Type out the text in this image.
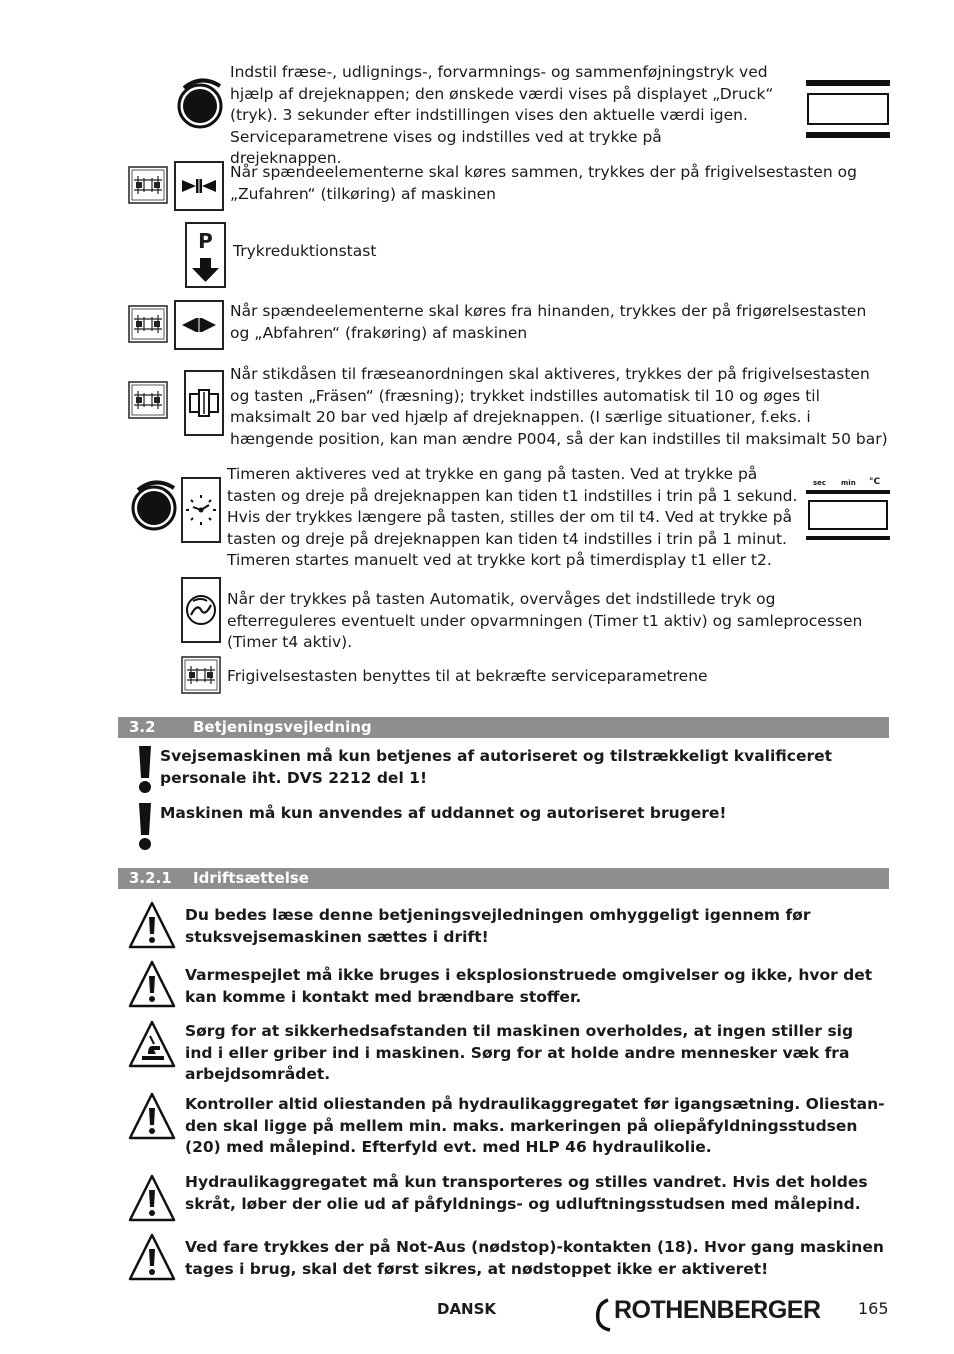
Indstil fræse-, udlignings-, forvarmnings- og sammenføjningstryk ved hjælp af drejeknappen; den ønskede værdi vises på displayet „Druck“ (tryk). 3 sekunder efter indstillingen vises den aktuelle værdi igen. Serviceparametrene vises og indstilles ved at trykke på drejeknappen.
Når spændeelementerne skal køres sammen, trykkes der på frigivelsestasten og „Zufahren“ (tilkøring) af maskinen
P	Trykreduktionstast
Når spændeelementerne skal køres fra hinanden, trykkes der på frigørelsestasten og „Abfahren“ (frakøring) af maskinen
Når stikdåsen til fræseanordningen skal aktiveres, trykkes der på frigivelsestasten og tasten „Fräsen“ (fræsning); trykket indstilles automatisk til 10 og øges til maksimalt 20 bar ved hjælp af drejeknappen. (I særlige situationer, f.eks. i hængende position, kan man ændre P004, så der kan indstilles til maksimalt 50 bar)
Timeren aktiveres ved at trykke en gang på tasten. Ved at trykke på tasten og dreje på drejeknappen kan tiden t1 indstilles i trin på 1 sekund. Hvis der trykkes længere på tasten, stilles der om til t4. Ved at trykke på tasten og dreje på drejeknappen kan tiden t4 indstilles i trin på 1 minut. Timeren startes manuelt ved at trykke kort på timerdisplay t1 eller t2.
sec min °C
Når der trykkes på tasten Automatik, overvåges det indstillede tryk og efterreguleres eventuelt under opvarmningen (Timer t1 aktiv) og samleprocessen (Timer t4 aktiv).
Frigivelsestasten benyttes til at bekræfte serviceparametrene
3.2 Betjeningsvejledning
Svejsemaskinen må kun betjenes af autoriseret og tilstrækkeligt kvalificeret personale iht. DVS 2212 del 1!
Maskinen må kun anvendes af uddannet og autoriseret brugere!
3.2.1 Idriftsættelse
Du bedes læse denne betjeningsvejledningen omhyggeligt igennem før stuksvejsemaskinen sættes i drift!
Varmespejlet må ikke bruges i eksplosionstruede omgivelser og ikke, hvor det kan komme i kontakt med brændbare stoffer.
Sørg for at sikkerhedsafstanden til maskinen overholdes, at ingen stiller sig ind i eller griber ind i maskinen. Sørg for at holde andre mennesker væk fra arbejdsområdet.
Kontroller altid oliestanden på hydraulikaggregatet før igangsætning. Oliestan-den skal ligge på mellem min. maks. markeringen på oliepåfyldningsstudsen (20) med målepind. Efterfyld evt. med HLP 46 hydraulikolie.
Hydraulikaggregatet må kun transporteres og stilles vandret. Hvis det holdes skråt, løber der olie ud af påfyldnings- og udluftningsstudsen med målepind.
Ved fare trykkes der på Not-Aus (nødstop)-kontakten (18). Hvor gang maskinen tages i brug, skal det først sikres, at nødstoppet ikke er aktiveret!
DANSK	ROTHENBERGER 165
